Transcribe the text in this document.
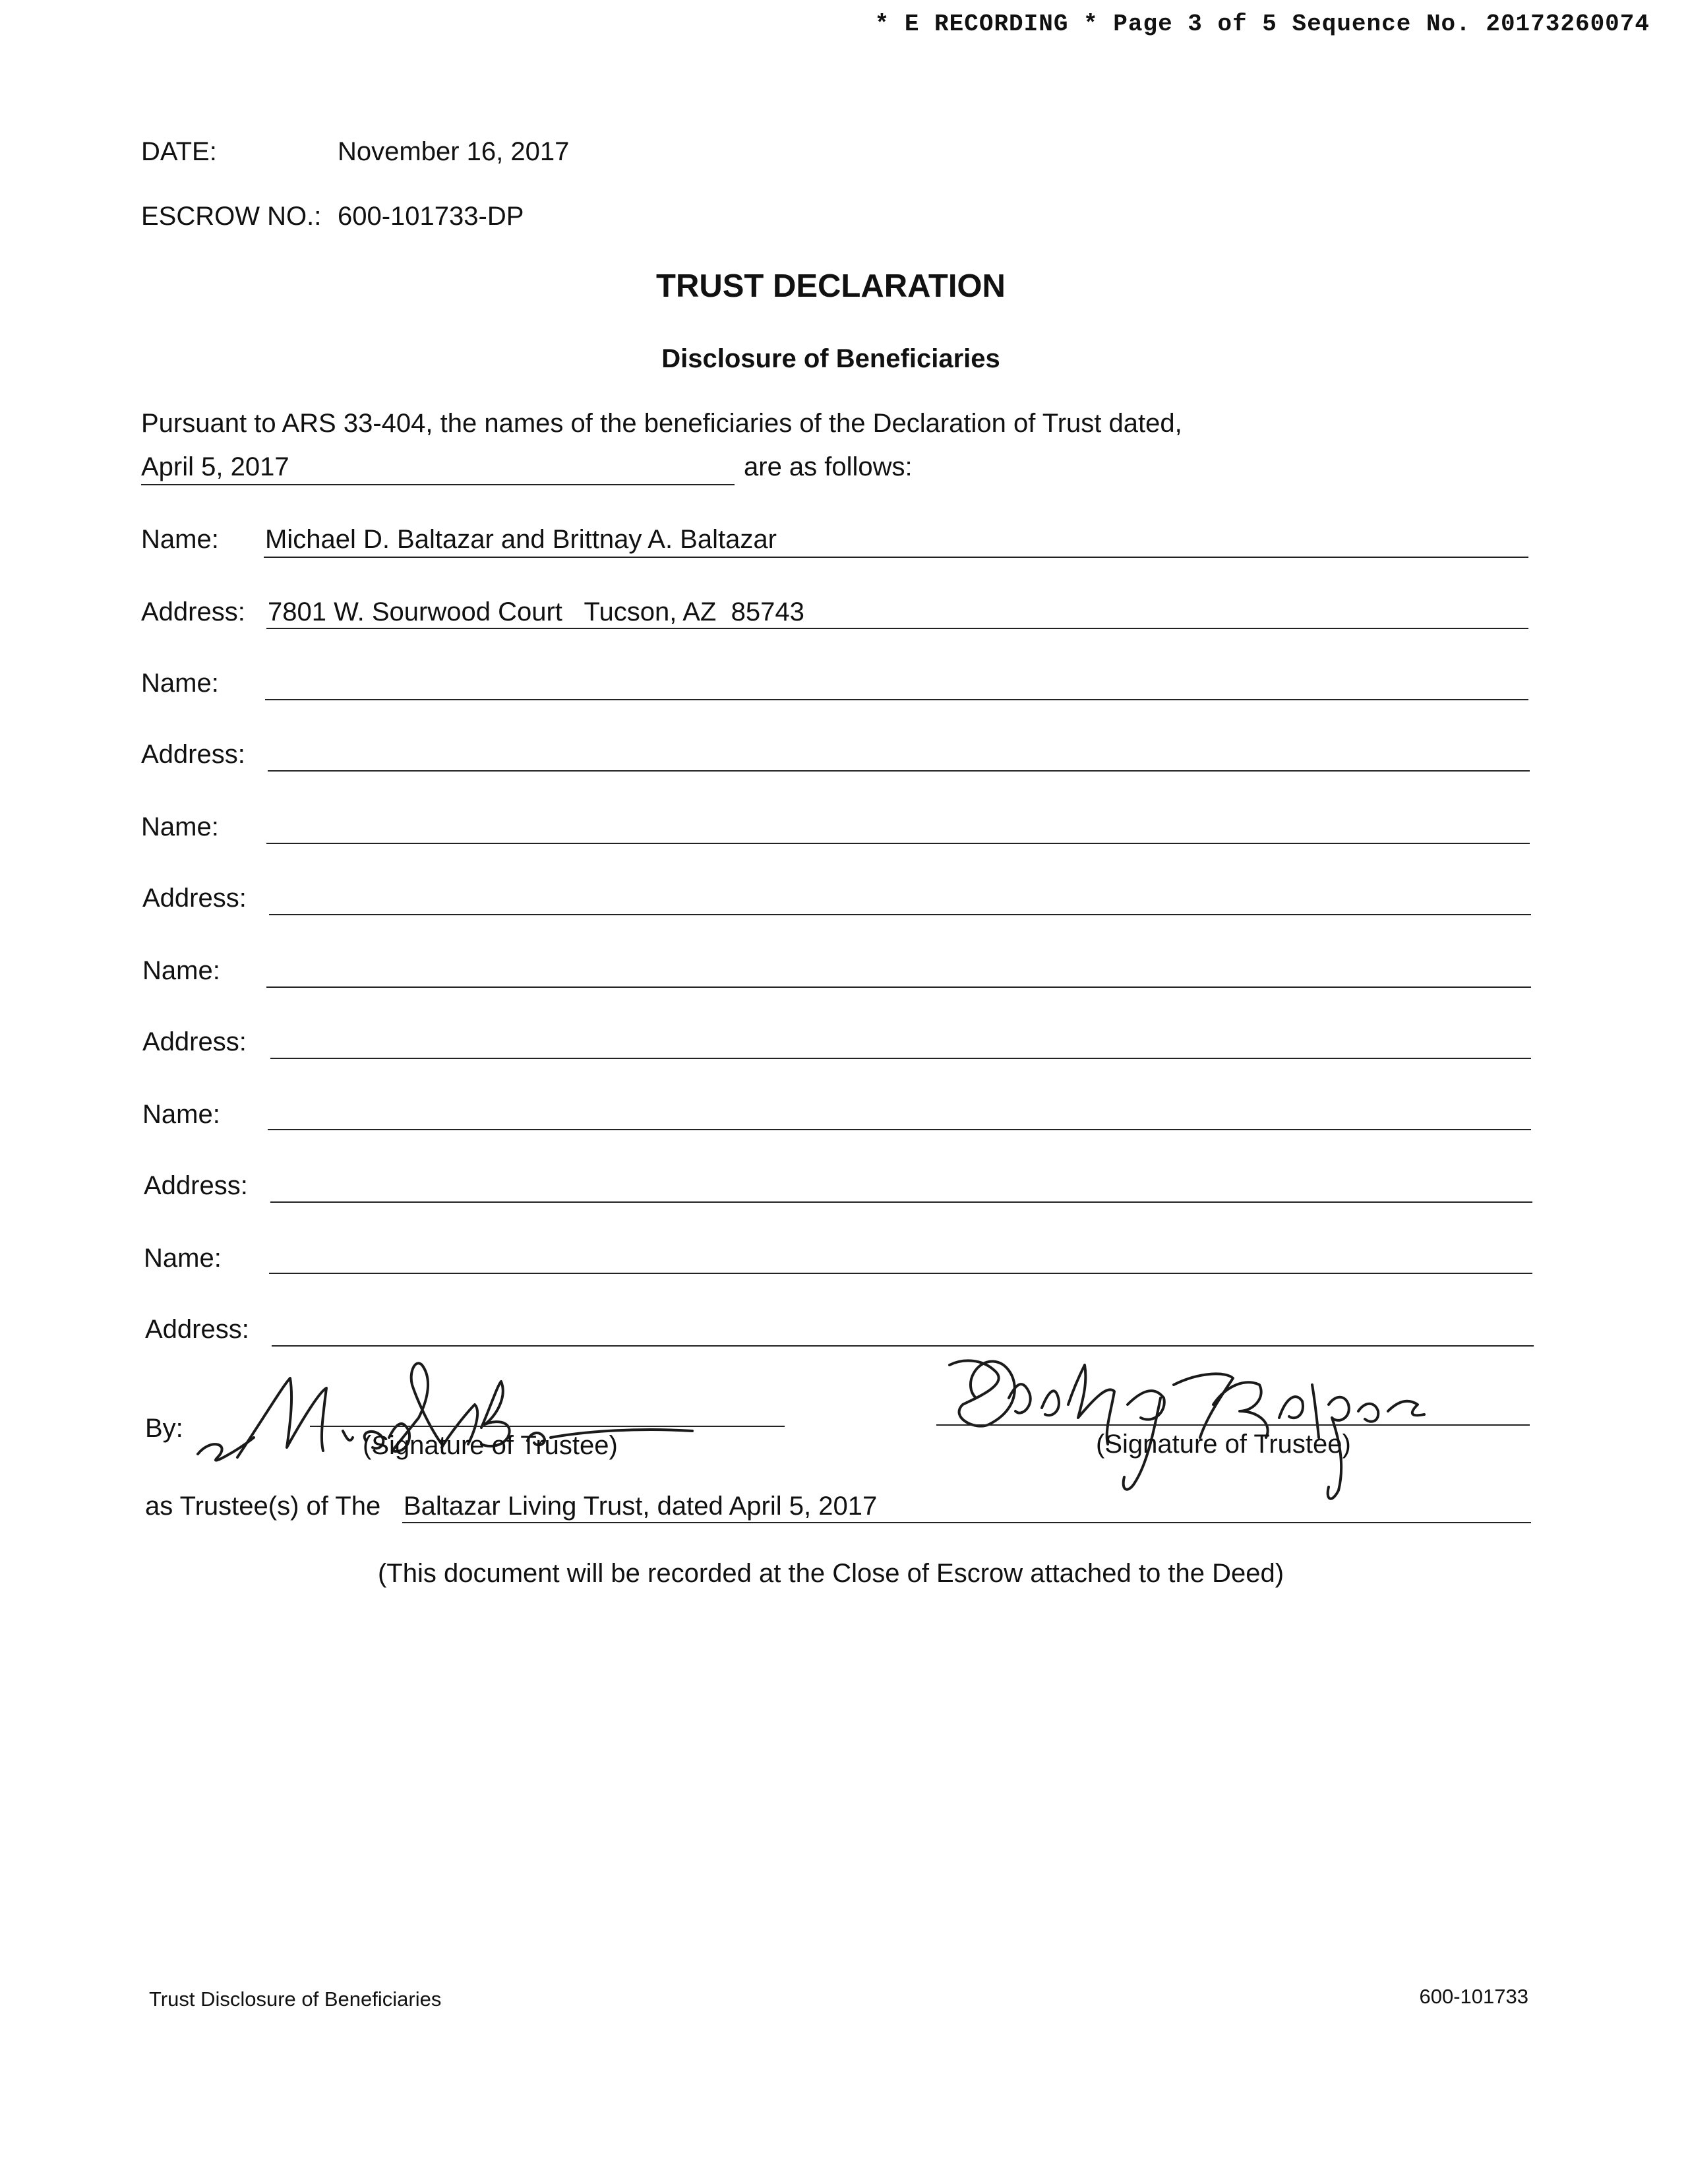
* E RECORDING * Page 3 of 5 Sequence No. 20173260074
DATE:	November 16, 2017
ESCROW NO.: 600-101733-DP
TRUST DECLARATION
Disclosure of Beneficiaries
Pursuant to ARS 33-404, the names of the beneficiaries of the Declaration of Trust dated,
April 5, 2017	are as follows:
Name: Michael D. Baltazar and Brittnay A. Baltazar
Address: 7801 W. Sourwood Court   Tucson, AZ  85743
Name:
Address:
Name:
Address:
Name:
Address:
Name:
Address:
Name:
Address:
By:
(Signature of Trustee)	(Signature of Trustee)
as Trustee(s) of The Baltazar Living Trust, dated April 5, 2017
(This document will be recorded at the Close of Escrow attached to the Deed)
Trust Disclosure of Beneficiaries	600-101733
